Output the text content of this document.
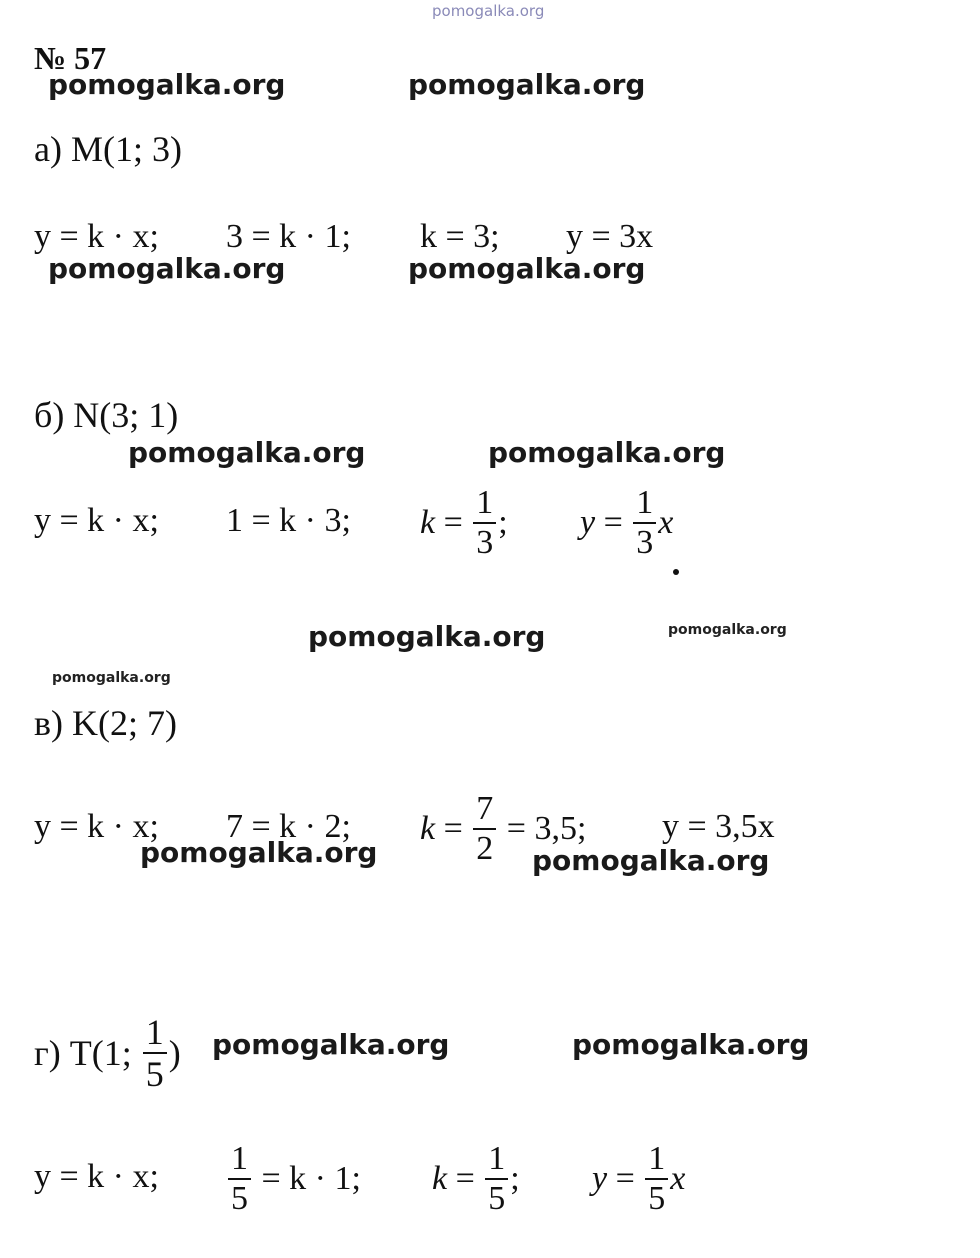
pomogalka.org
№ 57
pomogalka.org	pomogalka.org
pomogalka.org	pomogalka.org
pomogalka.org	pomogalka.org
pomogalka.org	pomogalka.org
pomogalka.org
pomogalka.org	pomogalka.org
pomogalka.org	pomogalka.org
а) M(1; 3)
y = k · x; 3 = k · 1; k = 3; y = 3x
б) N(3; 1)
y = k · x; 1 = k · 3; $k = \frac{1}{3}$ ; $y = \frac{1}{3}$ x
в) K(2; 7)
y = k · x; 7 = k · 2; $k = \frac{7}{2} = 3,5$; y = 3,5x
г) T(1; $\frac{1}{5}$ )
y = k · x; $\frac{1}{5} = k \cdot 1$; $k = \frac{1}{5}$ ; $y = \frac{1}{5}$ x
